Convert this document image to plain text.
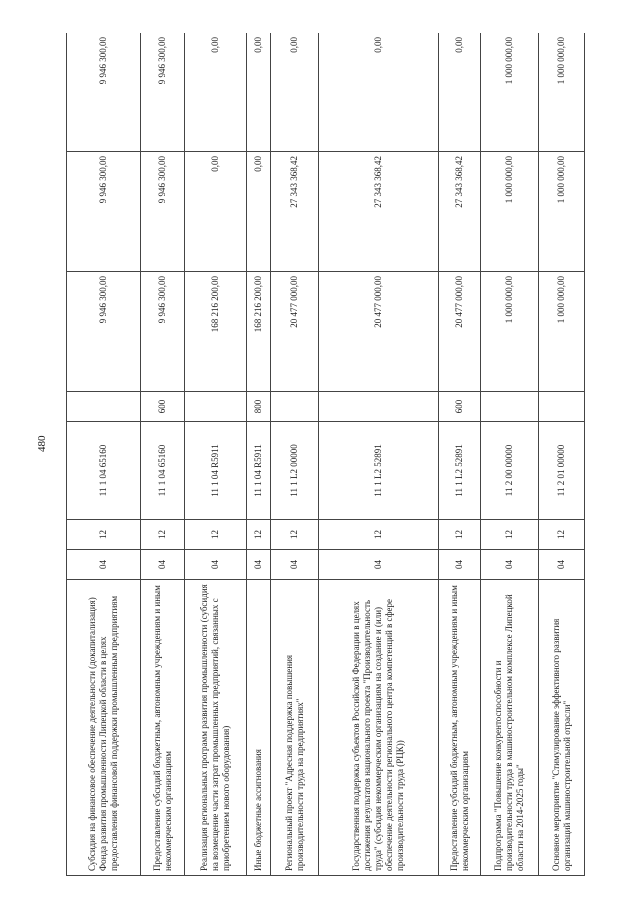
480
Субсидия на финансовое обеспечение деятельности (докапитализация) Фонда развития промышленности Липецкой области в целях предоставления финансовой поддержки промышленным предприятиям	04	12	11 1 04 65160		9 946 300,00	9 946 300,00	9 946 300,00
Предоставление субсидий бюджетным, автономным учреждениям и иным некоммерческим организациям	04	12	11 1 04 65160	600	9 946 300,00	9 946 300,00	9 946 300,00
Реализация региональных программ развития промышленности (субсидия на возмещение части затрат промышленных предприятий, связанных с приобретением нового оборудования)	04	12	11 1 04 R5911		168 216 200,00	0,00	0,00
Иные бюджетные ассигнования	04	12	11 1 04 R5911	800	168 216 200,00	0,00	0,00
Региональный проект "Адресная поддержка повышения производительности труда на предприятиях"	04	12	11 1 L2 00000		20 477 000,00	27 343 368,42	0,00
Государственная поддержка субъектов Российской Федерации в целях достижения результатов национального проекта "Производительность труда" (субсидия некоммерческим организациям на создание и (или) обеспечение деятельности регионального центра компетенций в сфере производительности труда (РЦК))	04	12	11 1 L2 52891		20 477 000,00	27 343 368,42	0,00
Предоставление субсидий бюджетным, автономным учреждениям и иным некоммерческим организациям	04	12	11 1 L2 52891	600	20 477 000,00	27 343 368,42	0,00
Подпрограмма "Повышение конкурентоспособности и производительности труда в машиностроительном комплексе Липецкой области на 2014-2025 годы"	04	12	11 2 00 00000		1 000 000,00	1 000 000,00	1 000 000,00
Основное мероприятие "Стимулирование эффективного развития организаций машиностроительной отрасли"	04	12	11 2 01 00000		1 000 000,00	1 000 000,00	1 000 000,00
